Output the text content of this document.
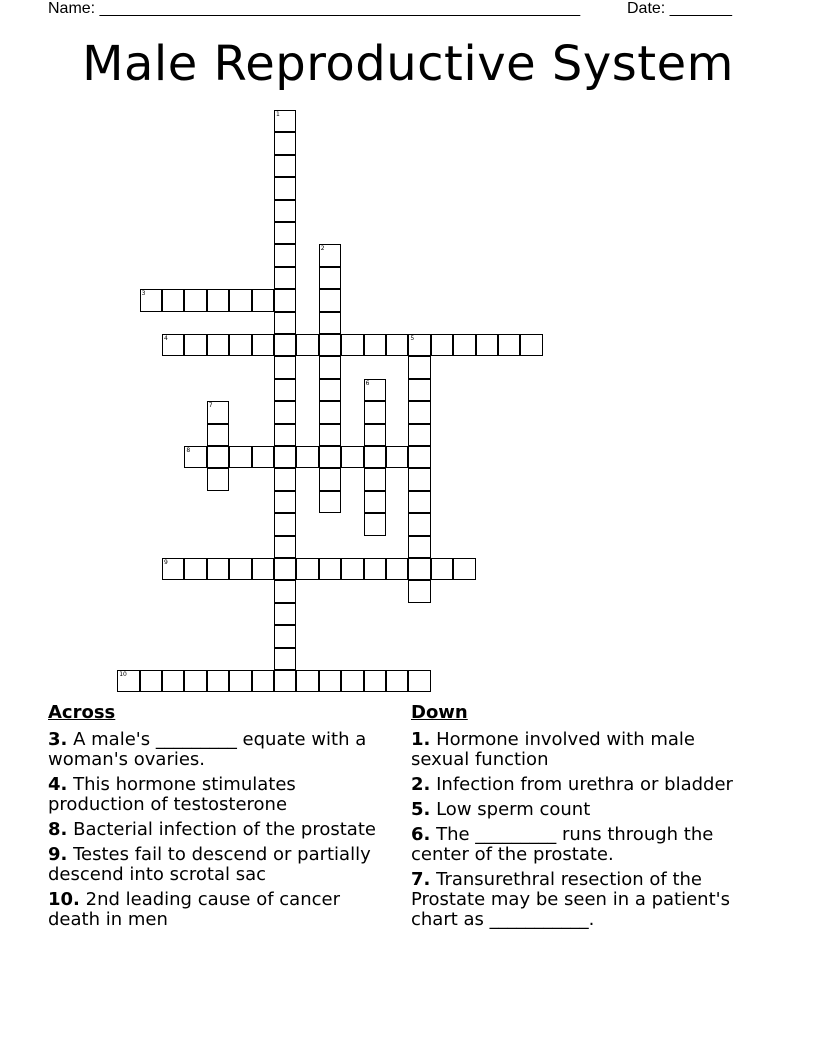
Name: ______________________________________________________	Date: _______
Male Reproductive System
1
2
3
4	5
6
7
8
9
10
Across
3. A male's _________ equate with a woman's ovaries.
4. This hormone stimulates production of testosterone
8. Bacterial infection of the prostate
9. Testes fail to descend or partially descend into scrotal sac
10. 2nd leading cause of cancer death in men
Down
1. Hormone involved with male sexual function
2. Infection from urethra or bladder
5. Low sperm count
6. The _________ runs through the center of the prostate.
7. Transurethral resection of the Prostate may be seen in a patient's chart as ___________.
